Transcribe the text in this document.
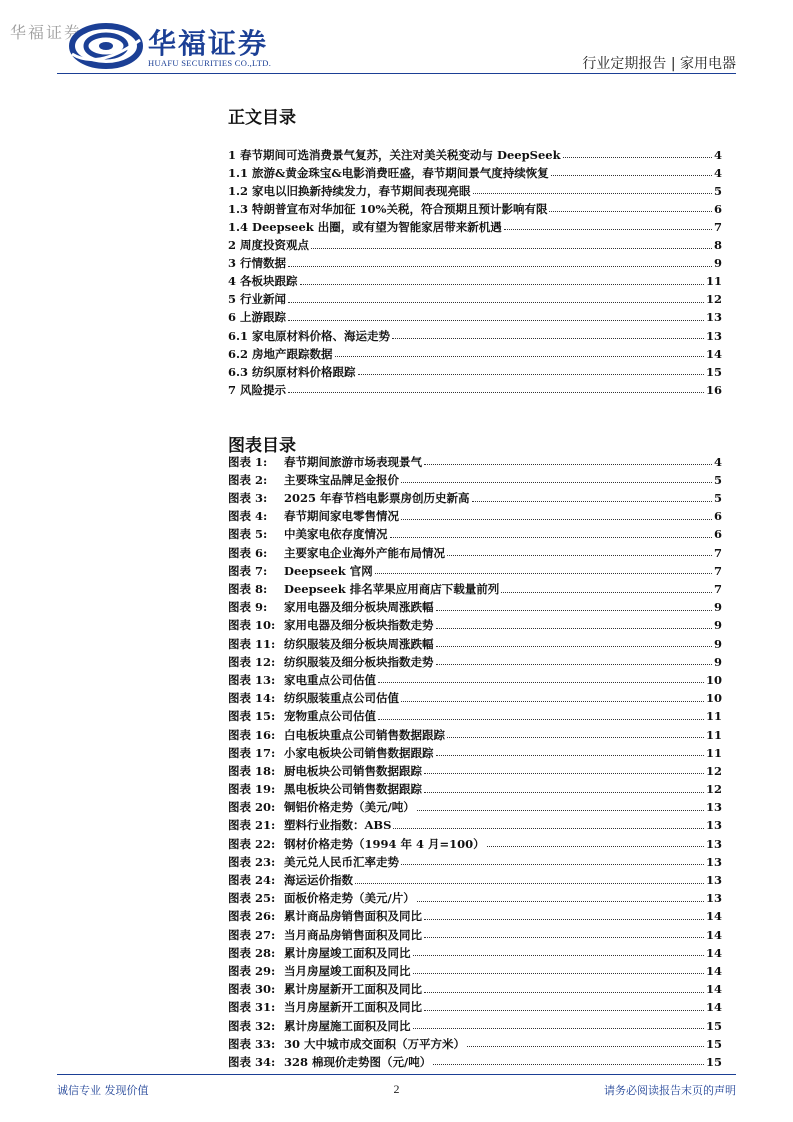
华福证券 华福证券
HUAFU SECURITIES CO.,LTD.	行业定期报告 | 家用电器
正文目录
1 春节期间可选消费景气复苏，关注对美关税变动与 DeepSeek	4
1.1 旅游&黄金珠宝&电影消费旺盛，春节期间景气度持续恢复	4
1.2 家电以旧换新持续发力，春节期间表现亮眼	5
1.3 特朗普宣布对华加征 10%关税，符合预期且预计影响有限	6
1.4 Deepseek 出圈，或有望为智能家居带来新机遇	7
2 周度投资观点	8
3 行情数据	9
4 各板块跟踪	11
5 行业新闻	12
6 上游跟踪	13
6.1 家电原材料价格、海运走势	13
6.2 房地产跟踪数据	14
6.3 纺织原材料价格跟踪	15
7 风险提示	16
图表目录
图表 1: 春节期间旅游市场表现景气	4
图表 2: 主要珠宝品牌足金报价	5
图表 3: 2025 年春节档电影票房创历史新高	5
图表 4: 春节期间家电零售情况	6
图表 5: 中美家电依存度情况	6
图表 6: 主要家电企业海外产能布局情况	7
图表 7: Deepseek 官网	7
图表 8: Deepseek 排名苹果应用商店下载量前列	7
图表 9: 家用电器及细分板块周涨跌幅	9
图表 10: 家用电器及细分板块指数走势	9
图表 11: 纺织服装及细分板块周涨跌幅	9
图表 12: 纺织服装及细分板块指数走势	9
图表 13: 家电重点公司估值	10
图表 14: 纺织服装重点公司估值	10
图表 15: 宠物重点公司估值	11
图表 16: 白电板块重点公司销售数据跟踪	11
图表 17: 小家电板块公司销售数据跟踪	11
图表 18: 厨电板块公司销售数据跟踪	12
图表 19: 黑电板块公司销售数据跟踪	12
图表 20: 铜铝价格走势（美元/吨）	13
图表 21: 塑料行业指数：ABS	13
图表 22: 钢材价格走势（1994 年 4 月=100）	13
图表 23: 美元兑人民币汇率走势	13
图表 24: 海运运价指数	13
图表 25: 面板价格走势（美元/片）	13
图表 26: 累计商品房销售面积及同比	14
图表 27: 当月商品房销售面积及同比	14
图表 28: 累计房屋竣工面积及同比	14
图表 29: 当月房屋竣工面积及同比	14
图表 30: 累计房屋新开工面积及同比	14
图表 31: 当月房屋新开工面积及同比	14
图表 32: 累计房屋施工面积及同比	15
图表 33: 30 大中城市成交面积（万平方米）	15
图表 34: 328 棉现价走势图（元/吨）	15
诚信专业 发现价值	2	请务必阅读报告末页的声明
